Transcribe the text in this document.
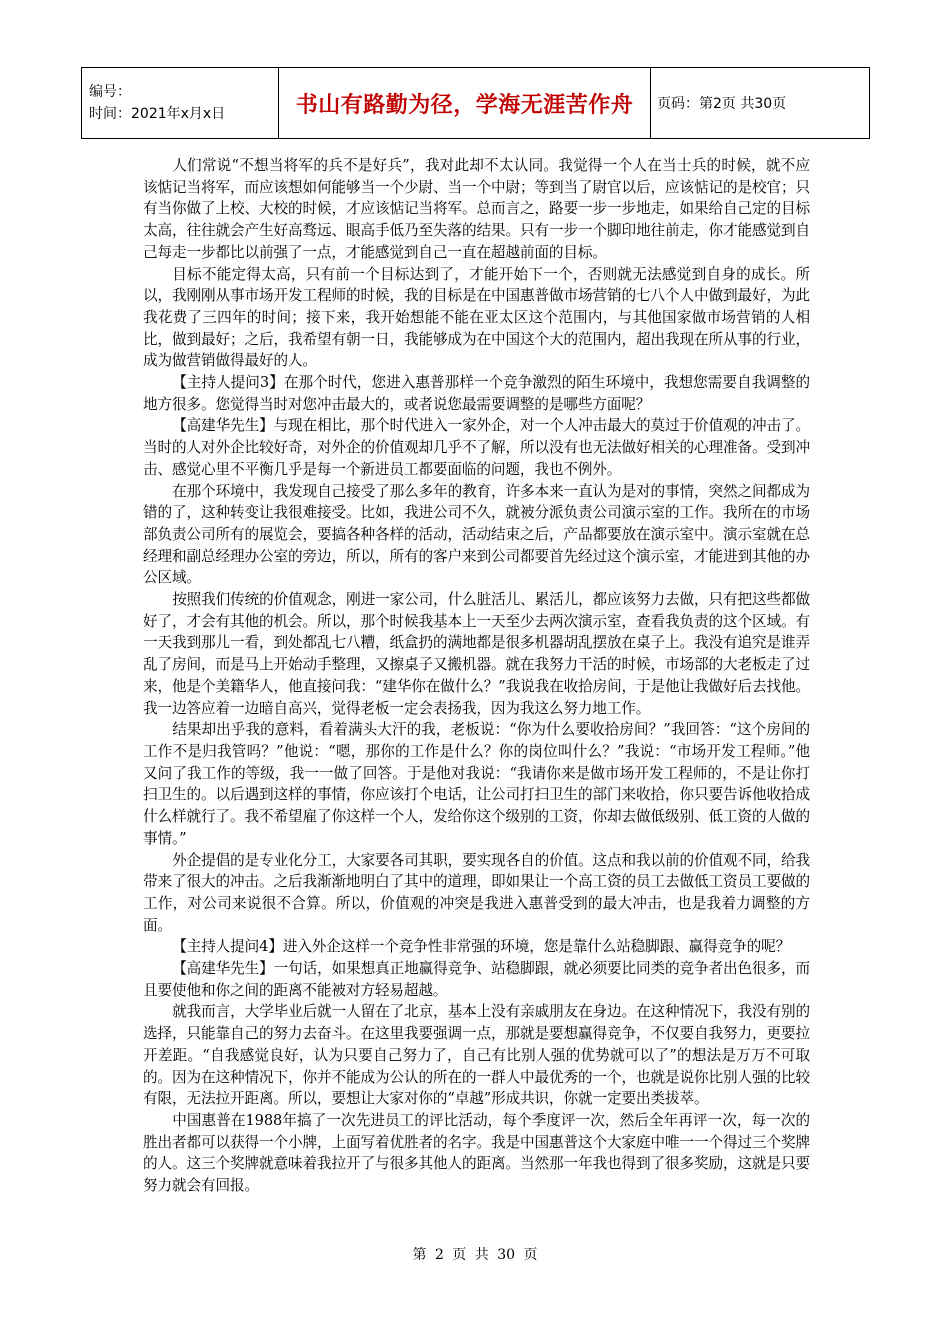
编号：
时间：2021年x月x日	书山有路勤为径，学海无涯苦作舟	页码：第2页 共30页

人们常说“不想当将军的兵不是好兵”，我对此却不太认同。我觉得一个人在当士兵的时候，就不应该惦记当将军，而应该想如何能够当一个少尉、当一个中尉；等到当了尉官以后，应该惦记的是校官；只有当你做了上校、大校的时候，才应该惦记当将军。总而言之，路要一步一步地走，如果给自己定的目标太高，往往就会产生好高骛远、眼高手低乃至失落的结果。只有一步一个脚印地往前走，你才能感觉到自己每走一步都比以前强了一点，才能感觉到自己一直在超越前面的目标。

目标不能定得太高，只有前一个目标达到了，才能开始下一个，否则就无法感觉到自身的成长。所以，我刚刚从事市场开发工程师的时候，我的目标是在中国惠普做市场营销的七八个人中做到最好，为此我花费了三四年的时间；接下来，我开始想能不能在亚太区这个范围内，与其他国家做市场营销的人相比，做到最好；之后，我希望有朝一日，我能够成为在中国这个大的范围内，超出我现在所从事的行业，成为做营销做得最好的人。

【主持人提问3】在那个时代，您进入惠普那样一个竞争激烈的陌生环境中，我想您需要自我调整的地方很多。您觉得当时对您冲击最大的，或者说您最需要调整的是哪些方面呢？

【高建华先生】与现在相比，那个时代进入一家外企，对一个人冲击最大的莫过于价值观的冲击了。当时的人对外企比较好奇，对外企的价值观却几乎不了解，所以没有也无法做好相关的心理准备。受到冲击、感觉心里不平衡几乎是每一个新进员工都要面临的问题，我也不例外。

在那个环境中，我发现自己接受了那么多年的教育，许多本来一直认为是对的事情，突然之间都成为错的了，这种转变让我很难接受。比如，我进公司不久，就被分派负责公司演示室的工作。我所在的市场部负责公司所有的展览会，要搞各种各样的活动，活动结束之后，产品都要放在演示室中。演示室就在总经理和副总经理办公室的旁边，所以，所有的客户来到公司都要首先经过这个演示室，才能进到其他的办公区域。

按照我们传统的价值观念，刚进一家公司，什么脏活儿、累活儿，都应该努力去做，只有把这些都做好了，才会有其他的机会。所以，那个时候我基本上一天至少去两次演示室，查看我负责的这个区域。有一天我到那儿一看，到处都乱七八糟，纸盒扔的满地都是很多机器胡乱摆放在桌子上。我没有追究是谁弄乱了房间，而是马上开始动手整理，又擦桌子又搬机器。就在我努力干活的时候，市场部的大老板走了过来，他是个美籍华人，他直接问我：“建华你在做什么？”我说我在收拾房间，于是他让我做好后去找他。我一边答应着一边暗自高兴，觉得老板一定会表扬我，因为我这么努力地工作。

结果却出乎我的意料，看着满头大汗的我，老板说：“你为什么要收拾房间？”我回答：“这个房间的工作不是归我管吗？”他说：“嗯，那你的工作是什么？你的岗位叫什么？”我说：“市场开发工程师。”他又问了我工作的等级，我一一做了回答。于是他对我说：“我请你来是做市场开发工程师的，不是让你打扫卫生的。以后遇到这样的事情，你应该打个电话，让公司打扫卫生的部门来收拾，你只要告诉他收拾成什么样就行了。我不希望雇了你这样一个人，发给你这个级别的工资，你却去做低级别、低工资的人做的事情。”

外企提倡的是专业化分工，大家要各司其职，要实现各自的价值。这点和我以前的价值观不同，给我带来了很大的冲击。之后我渐渐地明白了其中的道理，即如果让一个高工资的员工去做低工资员工要做的工作，对公司来说很不合算。所以，价值观的冲突是我进入惠普受到的最大冲击，也是我着力调整的方面。

【主持人提问4】进入外企这样一个竞争性非常强的环境，您是靠什么站稳脚跟、赢得竞争的呢？

【高建华先生】一句话，如果想真正地赢得竞争、站稳脚跟，就必须要比同类的竞争者出色很多，而且要使他和你之间的距离不能被对方轻易超越。

就我而言，大学毕业后就一人留在了北京，基本上没有亲戚朋友在身边。在这种情况下，我没有别的选择，只能靠自己的努力去奋斗。在这里我要强调一点，那就是要想赢得竞争，不仅要自我努力，更要拉开差距。“自我感觉良好，认为只要自己努力了，自己有比别人强的优势就可以了”的想法是万万不可取的。因为在这种情况下，你并不能成为公认的所在的一群人中最优秀的一个，也就是说你比别人强的比较有限，无法拉开距离。所以，要想让大家对你的“卓越”形成共识，你就一定要出类拔萃。

中国惠普在1988年搞了一次先进员工的评比活动，每个季度评一次，然后全年再评一次，每一次的胜出者都可以获得一个小牌，上面写着优胜者的名字。我是中国惠普这个大家庭中唯一一个得过三个奖牌的人。这三个奖牌就意味着我拉开了与很多其他人的距离。当然那一年我也得到了很多奖励，这就是只要努力就会有回报。

第 2 页 共 30 页
